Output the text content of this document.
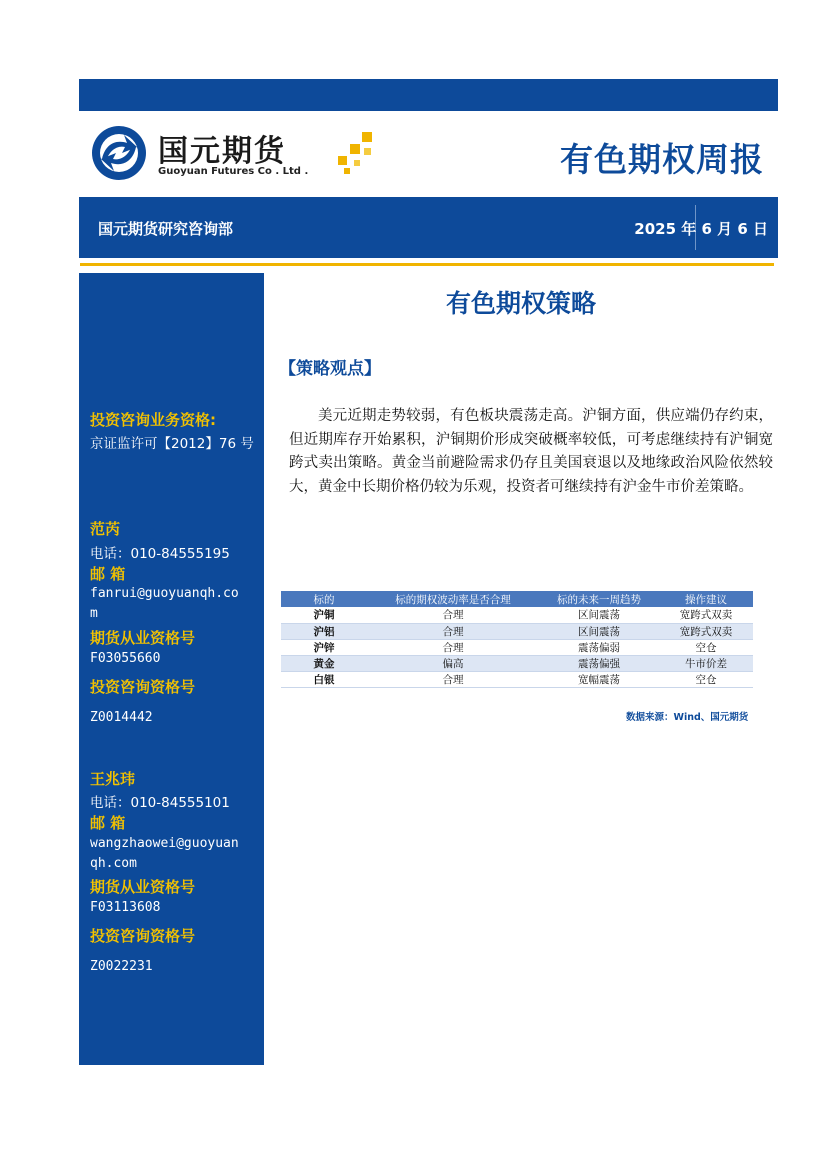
国元期货
Guoyuan Futures Co . Ltd .	有色期权周报
国元期货研究咨询部	2025 年 6 月 6 日
投资咨询业务资格:
京证监许可【2012】76 号
范芮
电话：010-84555195
邮 箱
fanrui@guoyuanqh.co
m
期货从业资格号
F03055660
投资咨询资格号
Z0014442
王兆玮
电话：010-84555101
邮 箱
wangzhaowei@guoyuan
qh.com
期货从业资格号
F03113608
投资咨询资格号
Z0022231
有色期权策略
【策略观点】

美元近期走势较弱，有色板块震荡走高。沪铜方面，供应端仍存约束，但近期库存开始累积，沪铜期价形成突破概率较低，可考虑继续持有沪铜宽跨式卖出策略。黄金当前避险需求仍存且美国衰退以及地缘政治风险依然较大，黄金中长期价格仍较为乐观，投资者可继续持有沪金牛市价差策略。

标的	标的期权波动率是否合理	标的未来一周趋势	操作建议
沪铜	合理	区间震荡	宽跨式双卖
沪铝	合理	区间震荡	宽跨式双卖
沪锌	合理	震荡偏弱	空仓
黄金	偏高	震荡偏强	牛市价差
白银	合理	宽幅震荡	空仓
数据来源：Wind、国元期货
